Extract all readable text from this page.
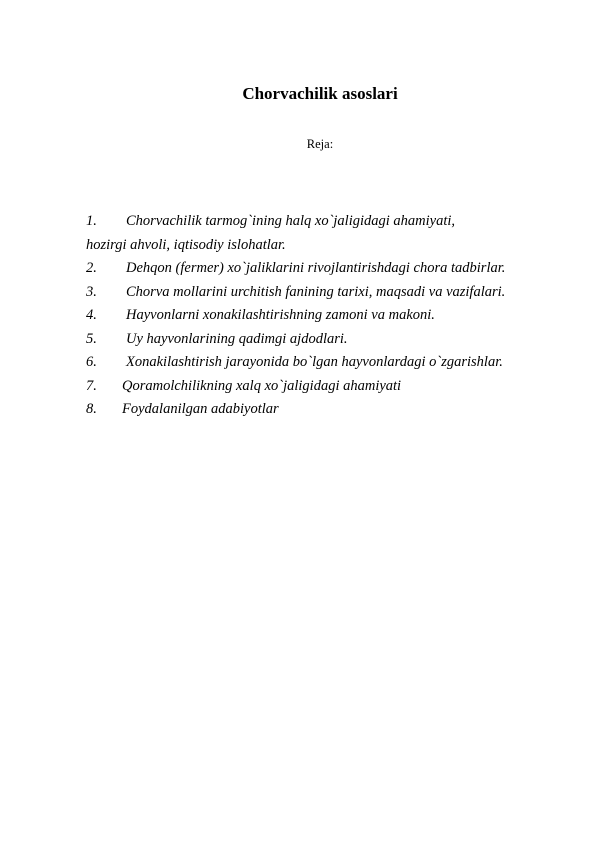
Chorvachilik asoslari
Reja:
1. Chorvachilik tarmog`ining halq xo`jaligidagi ahamiyati,
hozirgi ahvoli, iqtisodiy islohatlar.
2. Dehqon (fermer) xo`jaliklarini rivojlantirishdagi chora tadbirlar.
3. Chorva mollarini urchitish fanining tarixi, maqsadi va vazifalari.
4. Hayvonlarni xonakilashtirishning zamoni va makoni.
5. Uy hayvonlarining qadimgi ajdodlari.
6. Xonakilashtirish jarayonida bo`lgan hayvonlardagi o`zgarishlar.
7. Qoramolchilikning xalq xo`jaligidagi ahamiyati
8. Foydalanilgan adabiyotlar
